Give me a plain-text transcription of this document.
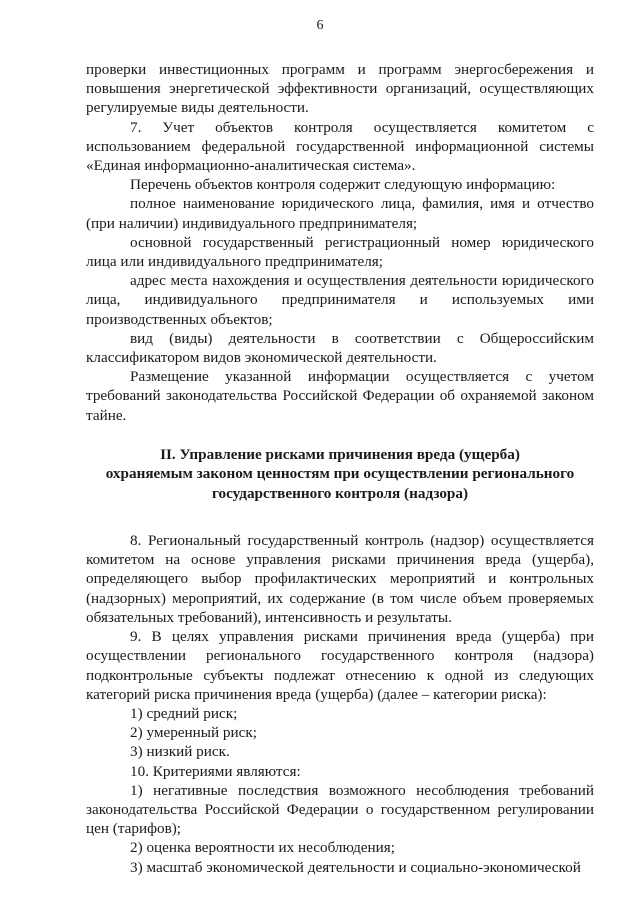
6

проверки инвестиционных программ и программ энергосбережения и повышения энергетической эффективности организаций, осуществляющих регулируемые виды деятельности.

7. Учет объектов контроля осуществляется комитетом с использованием федеральной государственной информационной системы «Единая информационно-аналитическая система».

Перечень объектов контроля содержит следующую информацию:

полное наименование юридического лица, фамилия, имя и отчество (при наличии) индивидуального предпринимателя;

основной государственный регистрационный номер юридического лица или индивидуального предпринимателя;

адрес места нахождения и осуществления деятельности юридического лица, индивидуального предпринимателя и используемых ими производственных объектов;

вид (виды) деятельности в соответствии с Общероссийским классификатором видов экономической деятельности.

Размещение указанной информации осуществляется с учетом требований законодательства Российской Федерации об охраняемой законом тайне.

II. Управление рисками причинения вреда (ущерба)
охраняемым законом ценностям при осуществлении регионального
государственного контроля (надзора)

8. Региональный государственный контроль (надзор) осуществляется комитетом на основе управления рисками причинения вреда (ущерба), определяющего выбор профилактических мероприятий и контрольных (надзорных) мероприятий, их содержание (в том числе объем проверяемых обязательных требований), интенсивность и результаты.

9. В целях управления рисками причинения вреда (ущерба) при осуществлении регионального государственного контроля (надзора) подконтрольные субъекты подлежат отнесению к одной из следующих категорий риска причинения вреда (ущерба) (далее – категории риска):

1) средний риск;

2) умеренный риск;

3) низкий риск.

10. Критериями являются:

1) негативные последствия возможного несоблюдения требований законодательства Российской Федерации о государственном регулировании цен (тарифов);

2) оценка вероятности их несоблюдения;

3) масштаб экономической деятельности и социально-экономической
